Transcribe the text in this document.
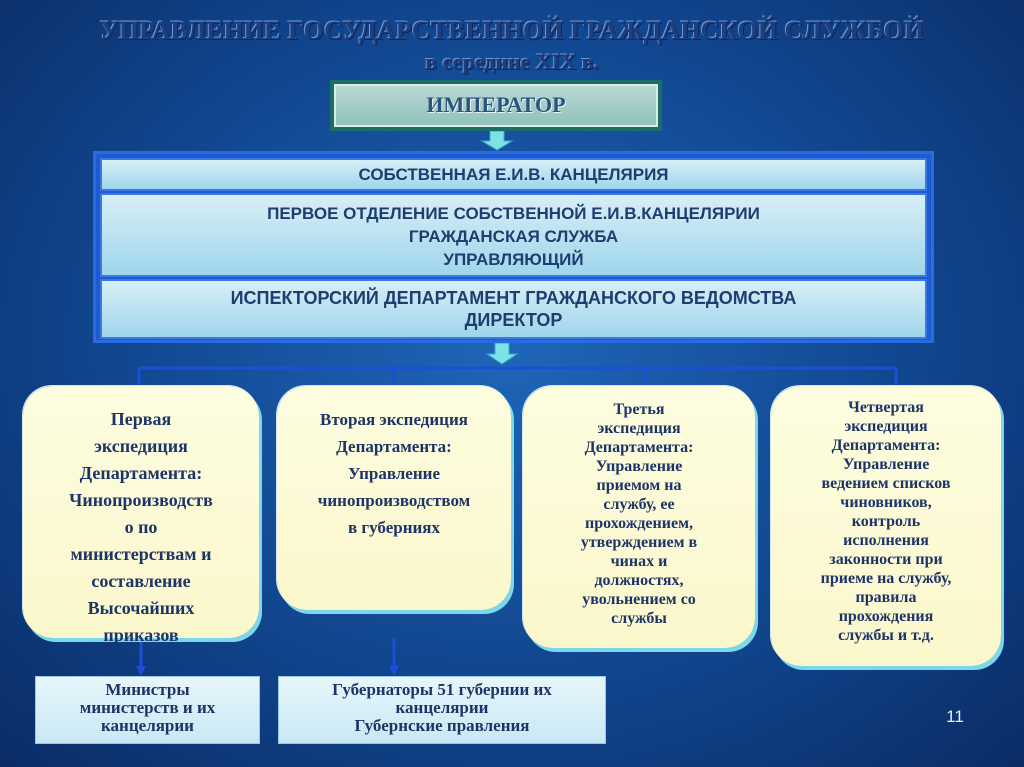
УПРАВЛЕНИЕ ГОСУДАРСТВЕННОЙ ГРАЖДАНСКОЙ СЛУЖБОЙ
в середине XIX в.
ИМПЕРАТОР
СОБСТВЕННАЯ Е.И.В. КАНЦЕЛЯРИЯ
ПЕРВОЕ ОТДЕЛЕНИЕ СОБСТВЕННОЙ Е.И.В.КАНЦЕЛЯРИИ
ГРАЖДАНСКАЯ СЛУЖБА
УПРАВЛЯЮЩИЙ
ИСПЕКТОРСКИЙ ДЕПАРТАМЕНТ ГРАЖДАНСКОГО ВЕДОМСТВА
ДИРЕКТОР
Первая
экспедиция
Департамента:
Чинопроизводств
о по
министерствам и
составление
Высочайших
приказов
Вторая экспедиция
Департамента:
Управление
чинопроизводством
в губерниях
Третья
экспедиция
Департамента:
Управление
приемом на
службу, ее
прохождением,
утверждением в
чинах и
должностях,
увольнением со
службы
Четвертая
экспедиция
Департамента:
Управление
ведением списков
чиновников,
контроль
исполнения
законности при
приеме на службу,
правила
прохождения
службы и т.д.
Министры
министерств и их
канцелярии
Губернаторы 51 губернии их
канцелярии
Губернские правления	11
